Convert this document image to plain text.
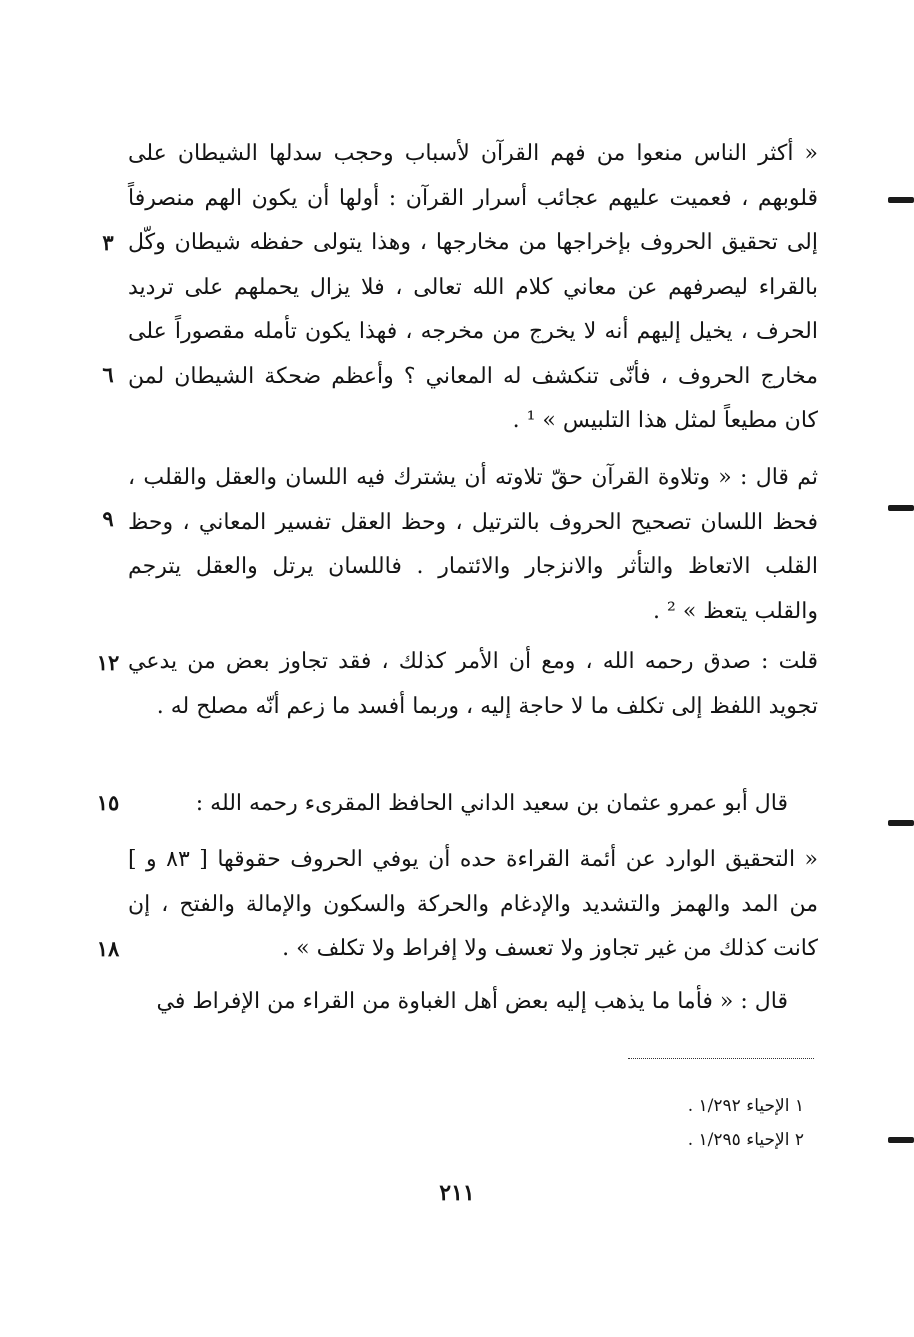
« أكثر الناس منعوا من فهم القرآن لأسباب وحجب سدلها الشيطان على قلوبهم ، فعميت عليهم عجائب أسرار القرآن : أولها أن يكون الهم منصرفاً إلى تحقيق الحروف بإخراجها من مخارجها ، وهذا يتولى حفظه شيطان وكّل بالقراء ليصرفهم عن معاني كلام الله تعالى ، فلا يزال يحملهم على ترديد الحرف ، يخيل إليهم أنه لا يخرج من مخرجه ، فهذا يكون تأمله مقصوراً على مخارج الحروف ، فأنّى تنكشف له المعاني ؟ وأعظم ضحكة الشيطان لمن كان مطيعاً لمثل هذا التلبيس » ¹ .

ثم قال : « وتلاوة القرآن حقّ تلاوته أن يشترك فيه اللسان والعقل والقلب ، فحظ اللسان تصحيح الحروف بالترتيل ، وحظ العقل تفسير المعاني ، وحظ القلب الاتعاظ والتأثر والانزجار والائتمار . فاللسان يرتل والعقل يترجم والقلب يتعظ » ² .

قلت : صدق رحمه الله ، ومع أن الأمر كذلك ، فقد تجاوز بعض من يدعي تجويد اللفظ إلى تكلف ما لا حاجة إليه ، وربما أفسد ما زعم أنّه مصلح له .

قال أبو عمرو عثمان بن سعيد الداني الحافظ المقرىء رحمه الله :

« التحقيق الوارد عن أئمة القراءة حده أن يوفي الحروف حقوقها [ ٨٣ و ] من المد والهمز والتشديد والإدغام والحركة والسكون والإمالة والفتح ، إن كانت كذلك من غير تجاوز ولا تعسف ولا إفراط ولا تكلف » .

قال : « فأما ما يذهب إليه بعض أهل الغباوة من القراء من الإفراط في

٣
٦
٩
١٢
١٥
١٨
١ الإحياء ١/٢٩٢ .
٢ الإحياء ١/٢٩٥ .
٢١١
